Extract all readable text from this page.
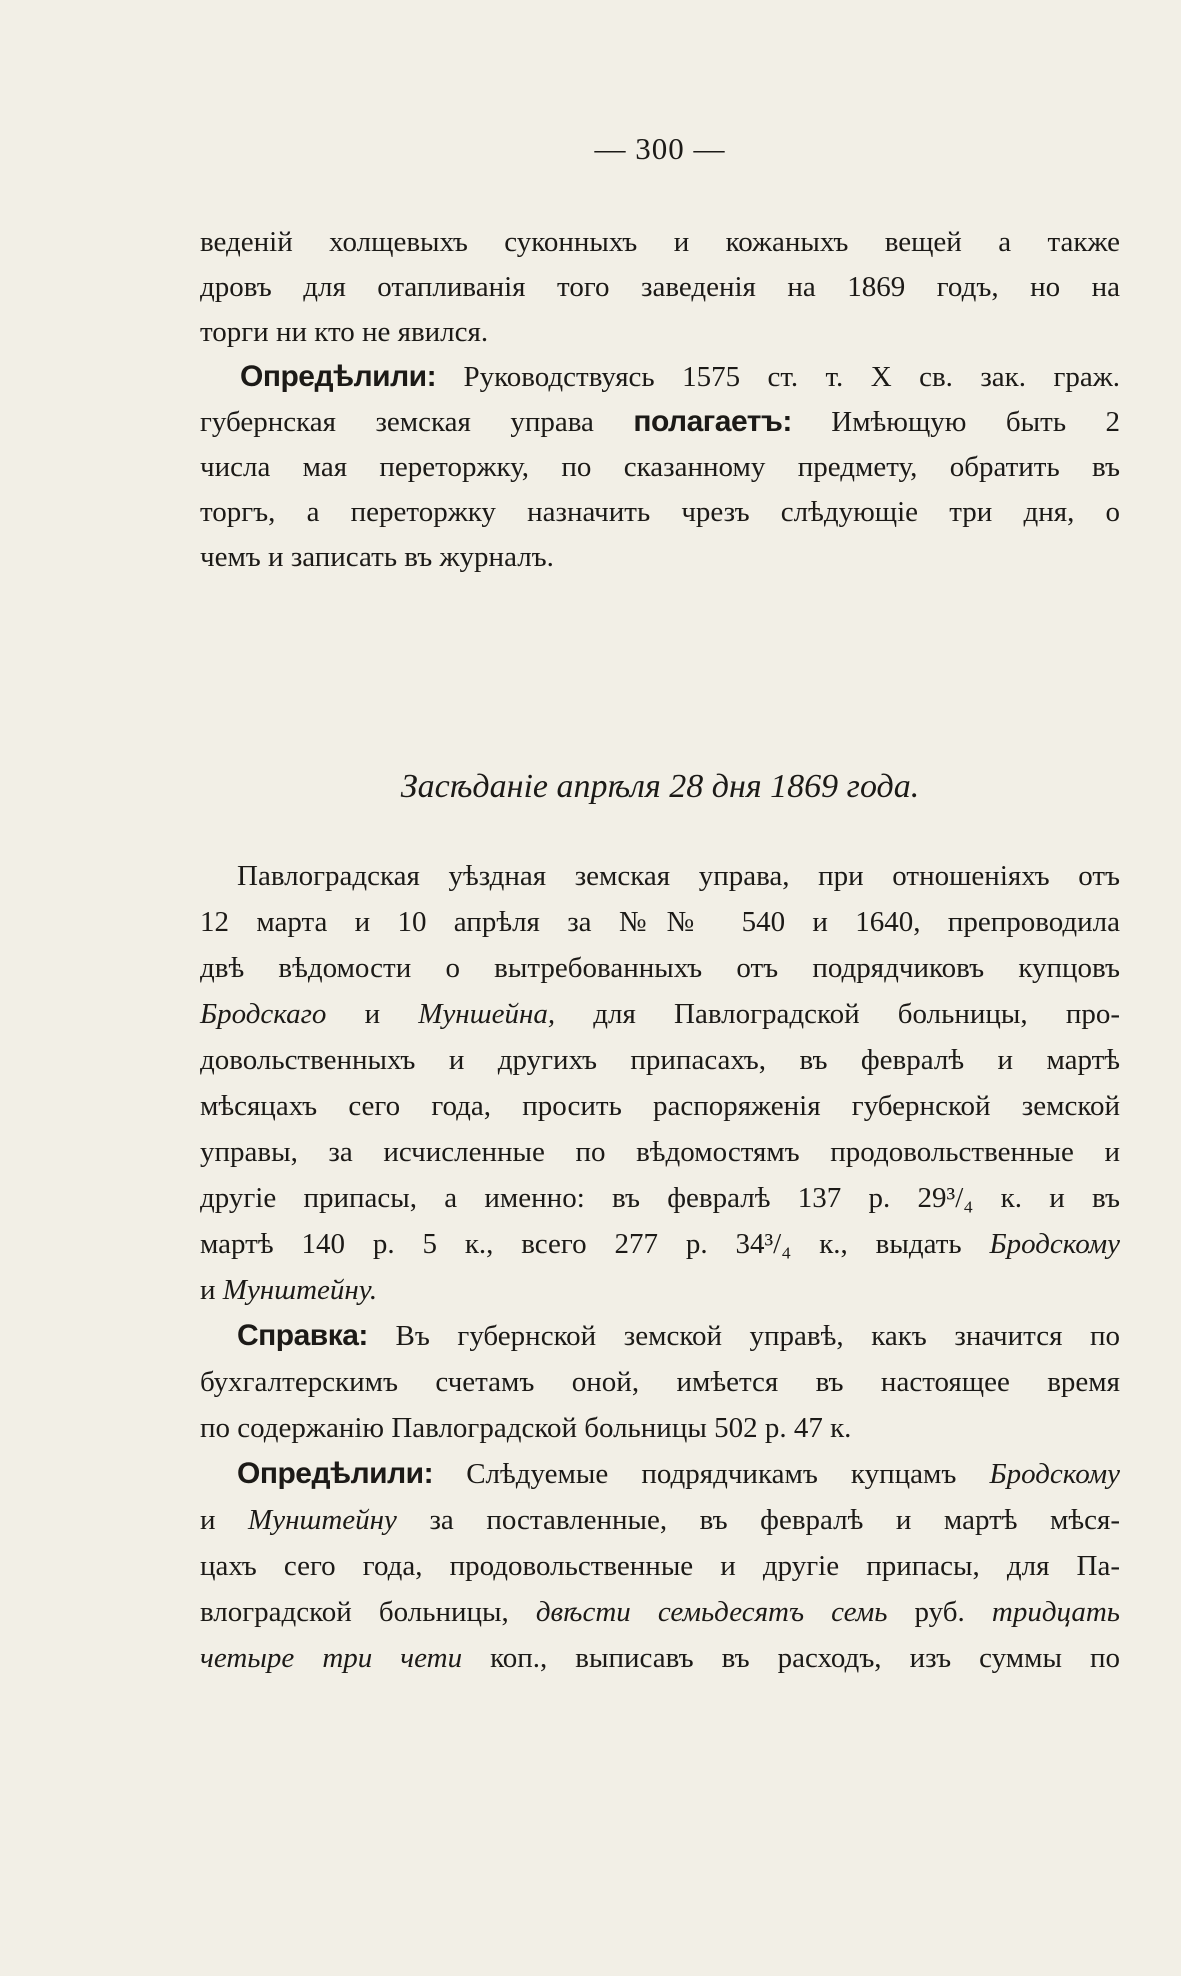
— 300 —
веденій холщевыхъ суконныхъ и кожаныхъ вещей а также
дровъ для отапливанія того заведенія на 1869 годъ, но на
торги ни кто не явился.
Опредѣлили: Руководствуясь 1575 ст. т. X св. зак. граж.
губернская земская управа полагаетъ: Имѣющую быть 2
числа мая переторжку, по сказанному предмету, обратить въ
торгъ, а переторжку назначить чрезъ слѣдующіе три дня, о
чемъ и записать въ журналъ.
Засѣданіе апрѣля 28 дня 1869 года.
Павлоградская уѣздная земская управа, при отношеніяхъ отъ
12 марта и 10 апрѣля за №№ 540 и 1640, препроводила
двѣ вѣдомости о вытребованныхъ отъ подрядчиковъ купцовъ
Бродскаго и Муншейна, для Павлоградской больницы, про-
довольственныхъ и другихъ припасахъ, въ февралѣ и мартѣ
мѣсяцахъ сего года, просить распоряженія губернской земской
управы, за исчисленные по вѣдомостямъ продовольственные и
другіе припасы, а именно: въ февралѣ 137 р. 29³/₄ к. и въ
мартѣ 140 р. 5 к., всего 277 р. 34³/₄ к., выдать Бродскому
и Мунштейну.
Справка: Въ губернской земской управѣ, какъ значится по
бухгалтерскимъ счетамъ оной, имѣется въ настоящее время
по содержанію Павлоградской больницы 502 р. 47 к.
Опредѣлили: Слѣдуемые подрядчикамъ купцамъ Бродскому
и Мунштейну за поставленные, въ февралѣ и мартѣ мѣся-
цахъ сего года, продовольственные и другіе припасы, для Па-
влоградской больницы, двѣсти семьдесятъ семь руб. тридцать
четыре три чети коп., выписавъ въ расходъ, изъ суммы по
